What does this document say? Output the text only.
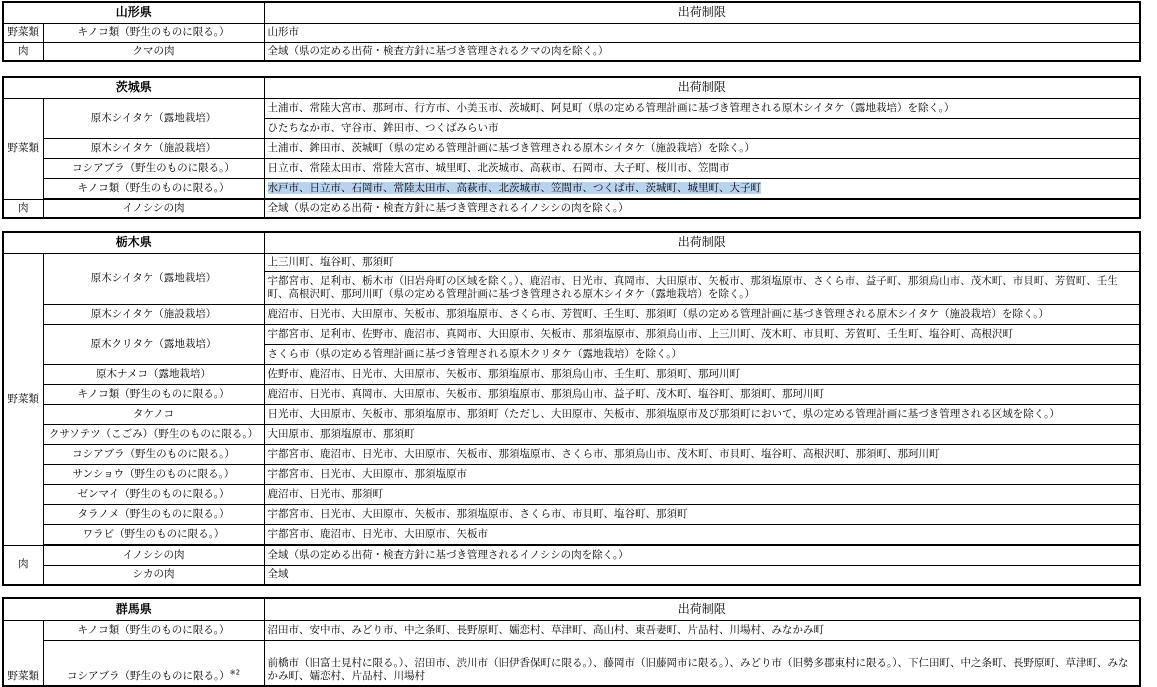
山形県		出荷制限
野菜類	キノコ類（野生のものに限る。）	山形市
肉	クマの肉	全域（県の定める出荷・検査方針に基づき管理されるクマの肉を除く。）
茨城県		出荷制限
野菜類	原木シイタケ（露地栽培）	土浦市、常陸大宮市、那珂市、行方市、小美玉市、茨城町、阿見町（県の定める管理計画に基づき管理される原木シイタケ（露地栽培）を除く。）
		ひたちなか市、守谷市、鉾田市、つくばみらい市
	原木シイタケ（施設栽培）	土浦市、鉾田市、茨城町（県の定める管理計画に基づき管理される原木シイタケ（施設栽培）を除く。）
	コシアブラ（野生のものに限る。）	日立市、常陸太田市、常陸大宮市、城里町、北茨城市、高萩市、石岡市、大子町、桜川市、笠間市
	キノコ類（野生のものに限る。）	水戸市、日立市、石岡市、常陸太田市、高萩市、北茨城市、笠間市、つくば市、茨城町、城里町、大子町

肉	イノシシの肉	全域（県の定める出荷・検査方針に基づき管理されるイノシシの肉を除く。）
栃木県		出荷制限
野菜類	原木シイタケ（露地栽培）	上三川町、塩谷町、那須町
		宇都宮市、足利市、栃木市（旧岩舟町の区域を除く。）、鹿沼市、日光市、真岡市、大田原市、矢板市、那須塩原市、さくら市、益子町、那須烏山市、茂木町、市貝町、芳賀町、壬生町、高根沢町、那珂川町（県の定める管理計画に基づき管理される原木シイタケ（露地栽培）を除く。）
	原木シイタケ（施設栽培）	鹿沼市、日光市、大田原市、矢板市、那須塩原市、さくら市、芳賀町、壬生町、那須町（県の定める管理計画に基づき管理される原木シイタケ（施設栽培）を除く。）
	原木クリタケ（露地栽培）	宇都宮市、足利市、佐野市、鹿沼市、真岡市、大田原市、矢板市、那須塩原市、那須烏山市、上三川町、茂木町、市貝町、芳賀町、壬生町、塩谷町、高根沢町
		さくら市（県の定める管理計画に基づき管理される原木クリタケ（露地栽培）を除く。）
	原木ナメコ（露地栽培）	佐野市、鹿沼市、日光市、大田原市、矢板市、那須塩原市、那須烏山市、壬生町、那須町、那珂川町
	キノコ類（野生のものに限る。）	鹿沼市、日光市、真岡市、大田原市、矢板市、那須塩原市、那須烏山市、益子町、茂木町、塩谷町、那須町、那珂川町
	タケノコ	日光市、大田原市、矢板市、那須塩原市、那須町（ただし、大田原市、矢板市、那須塩原市及び那須町において、県の定める管理計画に基づき管理される区域を除く。）
	クサソテツ（こごみ）（野生のものに限る。）	大田原市、那須塩原市、那須町
	コシアブラ（野生のものに限る。）	宇都宮市、鹿沼市、日光市、大田原市、矢板市、那須塩原市、さくら市、那須烏山市、茂木町、市貝町、塩谷町、高根沢町、那須町、那珂川町
	サンショウ（野生のものに限る。）	宇都宮市、日光市、大田原市、那須塩原市
	ゼンマイ（野生のものに限る。）	鹿沼市、日光市、那須町
	タラノメ（野生のものに限る。）	宇都宮市、日光市、大田原市、矢板市、那須塩原市、さくら市、市貝町、塩谷町、那須町
	ワラビ（野生のものに限る。）	宇都宮市、鹿沼市、日光市、大田原市、矢板市

肉	イノシシの肉	全域（県の定める出荷・検査方針に基づき管理されるイノシシの肉を除く。）
	シカの肉	全域
群馬県		出荷制限
野菜類	キノコ類（野生のものに限る。）	沼田市、安中市、みどり市、中之条町、長野原町、嬬恋村、草津町、高山村、東吾妻町、片品村、川場村、みなかみ町
	コシアブラ（野生のものに限る。）$^{※2}$	前橋市（旧富士見村に限る。）、沼田市、渋川市（旧伊香保町に限る。）、藤岡市（旧藤岡市に限る。）、みどり市（旧勢多郡東村に限る。）、下仁田町、中之条町、長野原町、草津町、みなかみ町、嬬恋村、片品村、川場村
